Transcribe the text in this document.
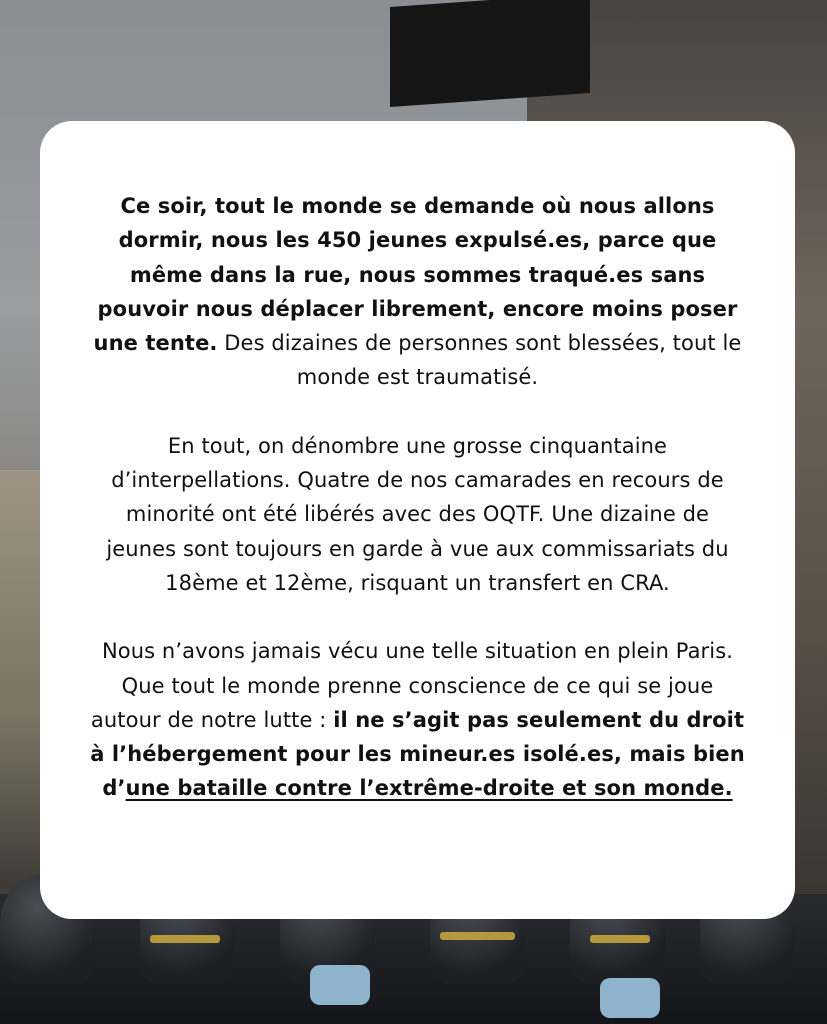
Ce soir, tout le monde se demande où nous allons dormir, nous les 450 jeunes expulsé.es, parce que même dans la rue, nous sommes traqué.es sans pouvoir nous déplacer librement, encore moins poser une tente. Des dizaines de personnes sont blessées, tout le monde est traumatisé.

En tout, on dénombre une grosse cinquantaine d’interpellations. Quatre de nos camarades en recours de minorité ont été libérés avec des OQTF. Une dizaine de jeunes sont toujours en garde à vue aux commissariats du 18ème et 12ème, risquant un transfert en CRA.

Nous n’avons jamais vécu une telle situation en plein Paris. Que tout le monde prenne conscience de ce qui se joue autour de notre lutte : il ne s’agit pas seulement du droit à l’hébergement pour les mineur.es isolé.es, mais bien d’une bataille contre l’extrême-droite et son monde.
